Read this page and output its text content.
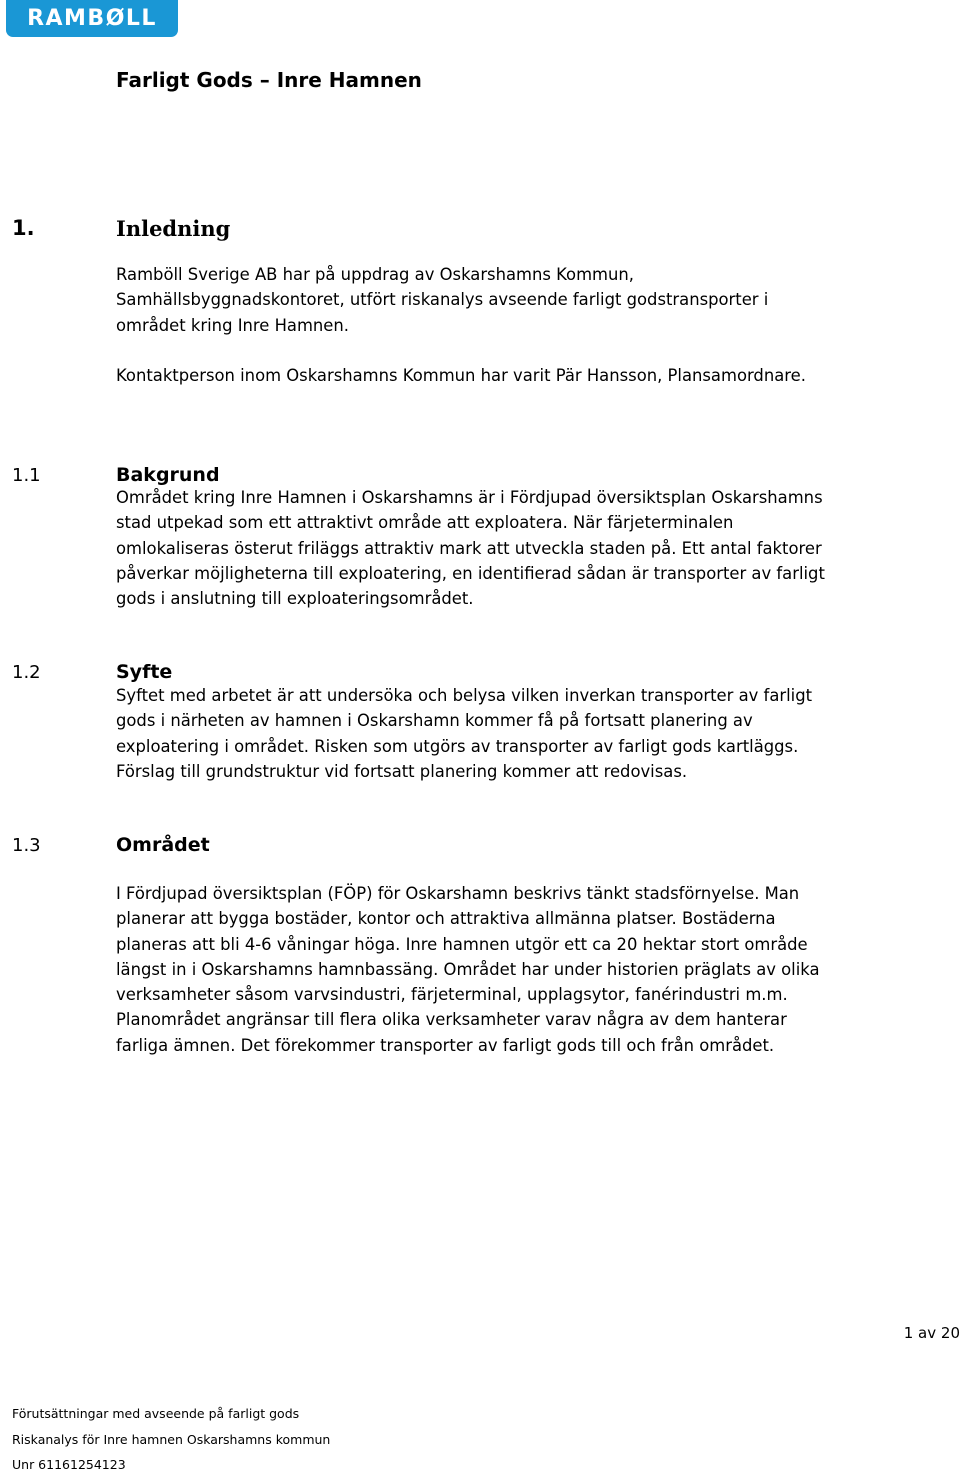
RAMBØLL
Farligt Gods – Inre Hamnen
1.	Inledning

Ramböll Sverige AB har på uppdrag av Oskarshamns Kommun, Samhällsbyggnadskontoret, utfört riskanalys avseende farligt godstransporter i området kring Inre Hamnen.

Kontaktperson inom Oskarshamns Kommun har varit Pär Hansson, Plansamordnare.

1.1	Bakgrund

Området kring Inre Hamnen i Oskarshamns är i Fördjupad översiktsplan Oskarshamns stad utpekad som ett attraktivt område att exploatera. När färjeterminalen omlokaliseras österut friläggs attraktiv mark att utveckla staden på. Ett antal faktorer påverkar möjligheterna till exploatering, en identifierad sådan är transporter av farligt gods i anslutning till exploateringsområdet.

1.2	Syfte

Syftet med arbetet är att undersöka och belysa vilken inverkan transporter av farligt gods i närheten av hamnen i Oskarshamn kommer få på fortsatt planering av exploatering i området. Risken som utgörs av transporter av farligt gods kartläggs. Förslag till grundstruktur vid fortsatt planering kommer att redovisas.

1.3	Området

I Fördjupad översiktsplan (FÖP) för Oskarshamn beskrivs tänkt stadsförnyelse. Man planerar att bygga bostäder, kontor och attraktiva allmänna platser. Bostäderna planeras att bli 4-6 våningar höga. Inre hamnen utgör ett ca 20 hektar stort område längst in i Oskarshamns hamnbassäng. Området har under historien präglats av olika verksamheter såsom varvsindustri, färjeterminal, upplagsytor, fanérindustri m.m. Planområdet angränsar till flera olika verksamheter varav några av dem hanterar farliga ämnen. Det förekommer transporter av farligt gods till och från området.

1 av 20
Förutsättningar med avseende på farligt gods
Riskanalys för Inre hamnen Oskarshamns kommun
Unr 61161254123
